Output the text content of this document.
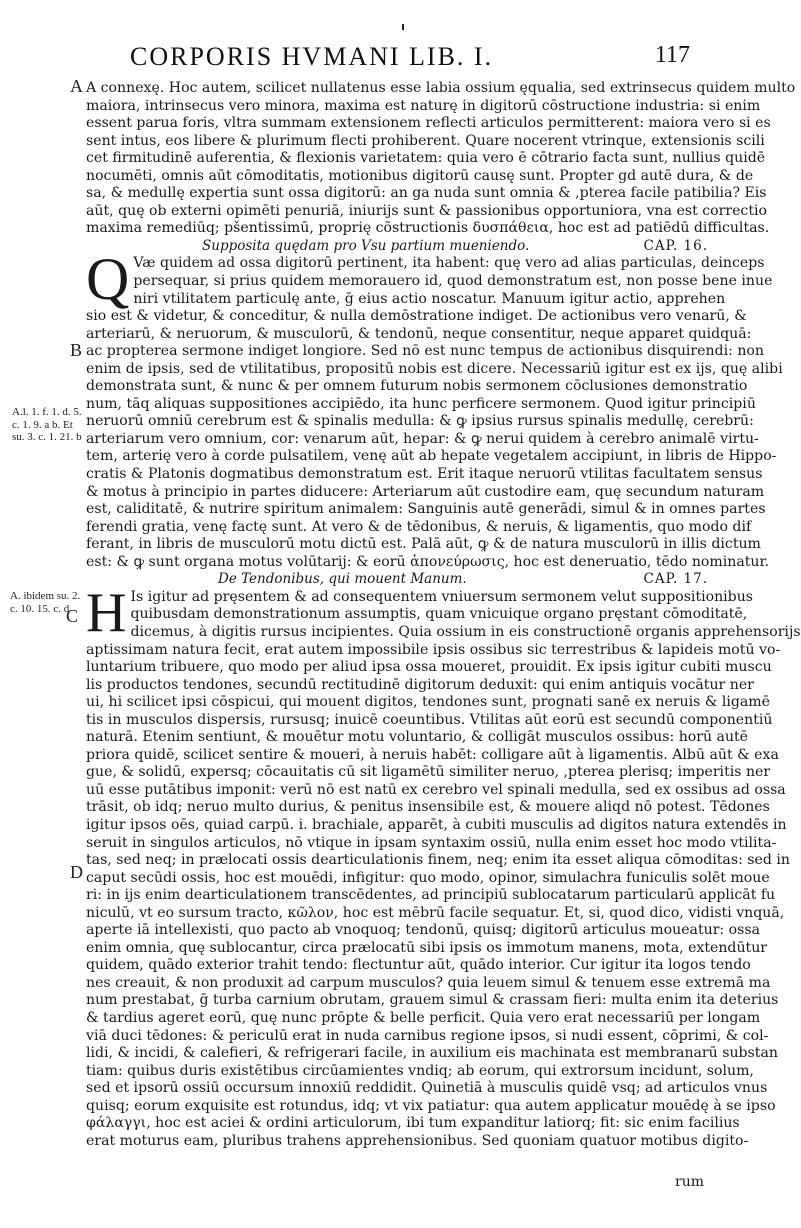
CORPORIS HVMANI LIB. I.	117
A
B
C
D
A.l. 1. f. 1. d. 5.
c. 1. 9. a b. Et
su. 3. c. 1. 21. b
A. ibidem su. 2.
c. 10. 15. c. d
A connexę. Hoc autem, scilicet nullatenus esse labia ossium ęqualia, sed extrinsecus quidem multo
maiora, intrinsecus vero minora, maxima est naturę in digitorū cōstructione industria: si enim
essent parua foris, vltra summam extensionem reflecti articulos permitterent: maiora vero si es
sent intus, eos libere & plurimum flecti prohiberent. Quare nocerent vtrinque, extensionis scili
cet firmitudinē auferentia, & flexionis varietatem: quia vero ē cōtrario facta sunt, nullius quidē
nocumēti, omnis aūt cōmoditatis, motionibus digitorū causę sunt. Propter gd autē dura, & de
sa, & medullę expertia sunt ossa digitorū: an ga nuda sunt omnia & ,pterea facile patibilia? Eis
aūt, quę ob externi opimēti penuriā, iniurijs sunt & passionibus opportuniora, vna est correctio
maxima remediūq; pšentissimū, proprię cōstructionis δυσπάθεια, hoc est ad patiēdū difficultas.
Supposita quędam pro Vsu partium mueniendo.	CAP. 16.
Q Væ quidem ad ossa digitorū pertinent, ita habent: quę vero ad alias particulas, deinceps
persequar, si prius quidem memorauero id, quod demonstratum est, non posse bene inue
niri vtilitatem particulę ante, ḡ eius actio noscatur. Manuum igitur actio, apprehen
sio est & videtur, & conceditur, & nulla demōstratione indiget. De actionibus vero venarū, &
arteriarū, & neruorum, & musculorū, & tendonū, neque consentitur, neque apparet quidquā:
ac propterea sermone indiget longiore. Sed nō est nunc tempus de actionibus disquirendi: non
enim de ipsis, sed de vtilitatibus, propositū nobis est dicere. Necessariū igitur est ex ijs, quę alibi
demonstrata sunt, & nunc & per omnem futurum nobis sermonem cōclusiones demonstratio
num, tāq aliquas suppositiones accipiēdo, ita hunc perficere sermonem. Quod igitur principiū
neruorū omniū cerebrum est & spinalis medulla: & ꝙ ipsius rursus spinalis medullę, cerebrū:
arteriarum vero omnium, cor: venarum aūt, hepar: & ꝙ nerui quidem à cerebro animalē virtu-
tem, arterię vero à corde pulsatilem, venę aūt ab hepate vegetalem accipiunt, in libris de Hippo-
cratis & Platonis dogmatibus demonstratum est. Erit itaque neruorū vtilitas facultatem sensus
& motus à principio in partes diducere: Arteriarum aūt custodire eam, quę secundum naturam
est, caliditatē, & nutrire spiritum animalem: Sanguinis autē generādi, simul & in omnes partes
ferendi gratia, venę factę sunt. At vero & de tēdonibus, & neruis, & ligamentis, quo modo dif
ferant, in libris de musculorū motu dictū est. Palā aūt, ꝙ & de natura musculorū in illis dictum
est: & ꝙ sunt organa motus volūtarij: & eorū ἀπονεύρωσις, hoc est deneruatio, tēdo nominatur.
De Tendonibus, qui mouent Manum.	CAP. 17.
H Is igitur ad pręsentem & ad consequentem vniuersum sermonem velut suppositionibus
quibusdam demonstrationum assumptis, quam vnicuique organo pręstant cōmoditatē,
dicemus, à digitis rursus incipientes. Quia ossium in eis constructionē organis apprehensorijs
aptissimam natura fecit, erat autem impossibile ipsis ossibus sic terrestribus & lapideis motū vo-
luntarium tribuere, quo modo per aliud ipsa ossa moueret, prouidit. Ex ipsis igitur cubiti muscu
lis productos tendones, secundū rectitudinē digitorum deduxit: qui enim antiquis vocātur ner
ui, hi scilicet ipsi cōspicui, qui mouent digitos, tendones sunt, prognati sanē ex neruis & ligamē
tis in musculos dispersis, rursusq; inuicē coeuntibus. Vtilitas aūt eorū est secundū componentiū
naturā. Etenim sentiunt, & mouētur motu voluntario, & colligāt musculos ossibus: horū autē
priora quidē, scilicet sentire & moueri, à neruis habēt: colligare aūt à ligamentis. Albū aūt & exa
gue, & solidū, expersq; cōcauitatis cū sit ligamētū similiter neruo, ,pterea plerisq; imperitis ner
uū esse putātibus imponit: verū nō est natū ex cerebro vel spinali medulla, sed ex ossibus ad ossa
trāsit, ob idq; neruo multo durius, & penitus insensibile est, & mouere aliqd nō potest. Tēdones
igitur ipsos oēs, quiad carpū. i. brachiale, apparēt, à cubiti musculis ad digitos natura extendēs in
seruit in singulos articulos, nō vtique in ipsam syntaxim ossiū, nulla enim esset hoc modo vtilita-
tas, sed neq; in prælocati ossis dearticulationis finem, neq; enim ita esset aliqua cōmoditas: sed in
caput secūdi ossis, hoc est mouēdi, infigitur: quo modo, opinor, simulachra funiculis solēt moue
ri: in ijs enim dearticulationem transcēdentes, ad principiū sublocatarum particularū applicāt fu
niculū, vt eo sursum tracto, κῶλον, hoc est mēbrū facile sequatur. Et, si, quod dico, vidisti vnquā,
aperte iā intellexisti, quo pacto ab vnoquoq; tendonū, quisq; digitorū articulus moueatur: ossa
enim omnia, quę sublocantur, circa prælocatū sibi ipsis os immotum manens, mota, extendūtur
quidem, quādo exterior trahit tendo: flectuntur aūt, quādo interior. Cur igitur ita logos tendo
nes creauit, & non produxit ad carpum musculos? quia leuem simul & tenuem esse extremā ma
num prestabat, ḡ turba carnium obrutam, grauem simul & crassam fieri: multa enim ita deterius
& tardius ageret eorū, quę nunc prōpte & belle perficit. Quia vero erat necessariū per longam
viā duci tēdones: & periculū erat in nuda carnibus regione ipsos, si nudi essent, cōprimi, & col-
lidi, & incidi, & calefieri, & refrigerari facile, in auxilium eis machinata est membranarū substan
tiam: quibus duris existētibus circūamientes vndiq; ab eorum, qui extrorsum incidunt, solum,
sed et ipsorū ossiū occursum innoxiū reddidit. Quinetiā à musculis quidē vsq; ad articulos vnus
quisq; eorum exquisite est rotundus, idq; vt vix patiatur: qua autem applicatur mouēdę à se ipso
φάλαγγι, hoc est aciei & ordini articulorum, ibi tum expanditur latiorq; fit: sic enim facilius
erat moturus eam, pluribus trahens apprehensionibus. Sed quoniam quatuor motibus digito-
rum
